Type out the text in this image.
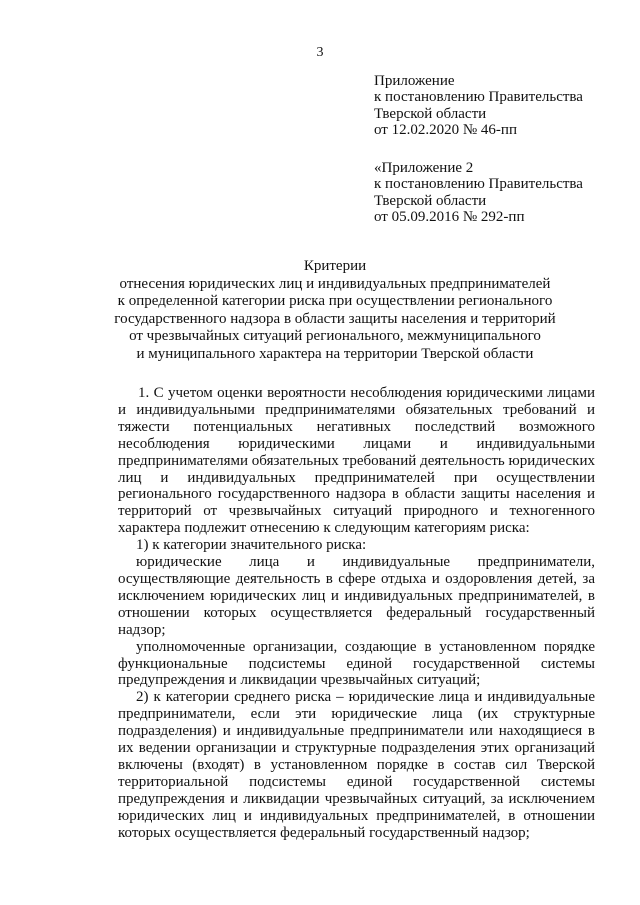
3
Приложение
к постановлению Правительства
Тверской области
от 12.02.2020 № 46-пп
«Приложение 2
к постановлению Правительства
Тверской области
от 05.09.2016 № 292-пп
Критерии
отнесения юридических лиц и индивидуальных предпринимателей
к определенной категории риска при осуществлении регионального
государственного надзора в области защиты населения и территорий
от чрезвычайных ситуаций регионального, межмуниципального
и муниципального характера на территории Тверской области

1. С учетом оценки вероятности несоблюдения юридическими лицами и индивидуальными предпринимателями обязательных требований и тяжести потенциальных негативных последствий возможного несоблюдения юридическими лицами и индивидуальными предпринимателями обязательных требований деятельность юридических лиц и индивидуальных предпринимателей при осуществлении регионального государственного надзора в области защиты населения и территорий от чрезвычайных ситуаций природного и техногенного характера подлежит отнесению к следующим категориям риска:

1) к категории значительного риска:

юридические лица и индивидуальные предприниматели, осуществляющие деятельность в сфере отдыха и оздоровления детей, за исключением юридических лиц и индивидуальных предпринимателей, в отношении которых осуществляется федеральный государственный надзор;

уполномоченные организации, создающие в установленном порядке функциональные подсистемы единой государственной системы предупреждения и ликвидации чрезвычайных ситуаций;

2) к категории среднего риска – юридические лица и индивидуальные предприниматели, если эти юридические лица (их структурные подразделения) и индивидуальные предприниматели или находящиеся в их ведении организации и структурные подразделения этих организаций включены (входят) в установленном порядке в состав сил Тверской территориальной подсистемы единой государственной системы предупреждения и ликвидации чрезвычайных ситуаций, за исключением юридических лиц и индивидуальных предпринимателей, в отношении которых осуществляется федеральный государственный надзор;
